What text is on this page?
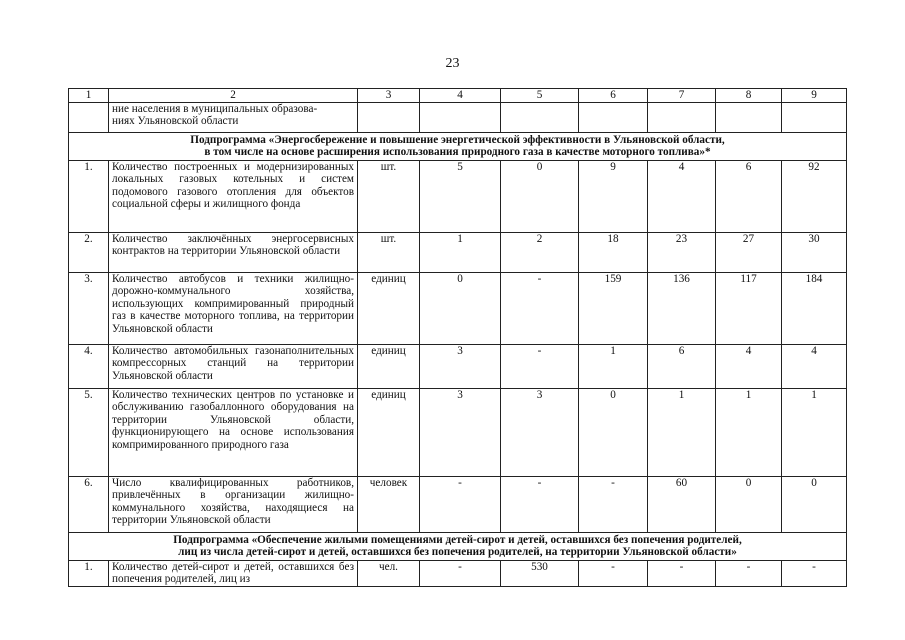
23
1	2	3	4	5	6	7	8	9

	ние населения в муниципальных образова-
ниях Ульяновской области							

Подпрограмма «Энергосбережение и повышение энергетической эффективности в Ульяновской области,
в том числе на основе расширения использования природного газа в качестве моторного топлива»*								

1.	Количество построенных и модернизированных локальных газовых котельных и систем подомового газового отопления для объектов социальной сферы и жилищного фонда	шт.	5	0	9	4	6	92
2.	Количество заключённых энергосервисных контрактов на территории Ульяновской области	шт.	1	2	18	23	27	30
3.	Количество автобусов и техники жилищно-дорожно-коммунального хозяйства, использующих компримированный природный газ в качестве моторного топлива, на территории Ульяновской области	единиц	0	-	159	136	117	184
4.	Количество автомобильных газонаполнительных компрессорных станций на территории Ульяновской области	единиц	3	-	1	6	4	4
5.	Количество технических центров по установке и обслуживанию газобаллонного оборудования на территории Ульяновской области, функционирующего на основе использования компримированного природного газа	единиц	3	3	0	1	1	1
6.	Число квалифицированных работников, привлечённых в организации жилищно-коммунального хозяйства, находящиеся на территории Ульяновской области	человек	-	-	-	60	0	0

Подпрограмма «Обеспечение жилыми помещениями детей-сирот и детей, оставшихся без попечения родителей,
лиц из числа детей-сирот и детей, оставшихся без попечения родителей, на территории Ульяновской области»								

1.	Количество детей-сирот и детей, оставшихся без попечения родителей, лиц из	чел.	-	530	-	-	-	-
